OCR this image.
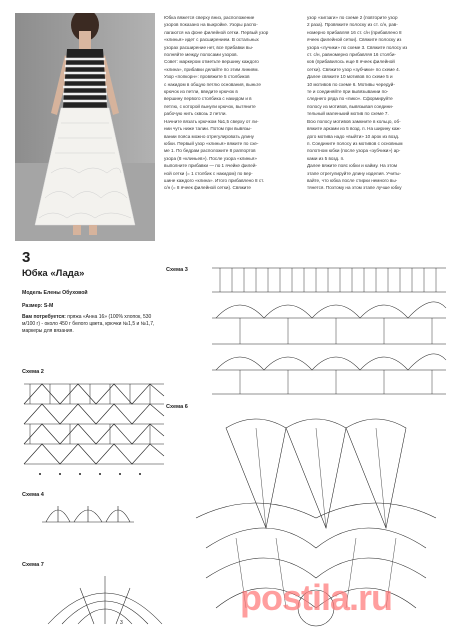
Юбка вяжется сверху вниз, расположение
узоров показано на выкройке. Узоры распо-
лагаются на фоне филейной сетки. Первый узор
«клинья» идет с расширением. В остальных
узорах расширение нет, все прибавки вы-
полняйте между полосами узоров.
Совет: маркером отметьте вершину каждого
«клина», прибавки делайте по этим линиям.
Узор «попкорн»: провяжите 5 столбиков
с накидом в общую петлю основания, выньте
крючок из петли, введите крючок в
вершину первого столбика с накидом и в
петлю, с которой вынули крючок, вытяните
рабочую нить сквозь 2 петли.
Начните вязать крючком №1,5 сверху от ли-
нии чуть ниже талии. Потом при вывязы-
вании пояса можно отрегулировать длину
юбки. Первый узор «клинья» вяжите по схе-
ме 1. По бедрам расположите 8 раппортов
узора (8 «клиньев»). После узора «клинья»
выполните прибавки — по 1 ячейке филей-
ной сетки (= 1 столбик с накидом) по вер-
шине каждого «клина». Итого прибавлено 8 ст.
с/н (= 8 ячеек филейной сетки). Свяжите
узор «зигзаги» по схеме 2 (повторите узор
2 раза). Провяжите полоску из ст. с/н, рав-
номерно прибавляя 16 ст. с/н (прибавлено 8
ячеек филейной сетки). Свяжите полоску из
узора «лучики» по схеме 3. Свяжите полосу из
ст. с/н, равномерно прибавляя 16 столби-
ков (прибавилось еще 8 ячеек филейной
сетки). Свяжите узор «зубчики» по схеме 4.
Далее свяжите 10 мотивов по схеме 5 и
10 мотивов по схеме 6. Мотивы чередуй-
те и соединяйте при вывязывании по-
следнего ряда по «пико». Сформируйте
полосу из мотивов, вывязывая соедини-
тельный маленький мотив по схеме 7.
Всю полосу мотивов замкните в кольцо, об-
вяжите арками из 5 возд. п. На ширину каж-
дого мотива надо «выйти» 10 арок из возд.
п. Соедините полосу из мотивов с основным
полотном юбки (после узора «зубчики») ар-
ками из 5 возд. п.
Далее вяжите пояс юбки и кайму. На этом
этапе отрегулируйте длину изделия. Учиты-
вайте, что юбка после стирки немного вы-
тянется. Поэтому на этом этапе лучше юбку
3
Юбка «Лада»
Модель Елены Обуховой
Размер: S-M
Вам потребуется: пряжа «Анна 16» (100% хлопок, 530 м/100 г) - около 450 г белого цвета, крючки №1,5 и №1,7, маркеры для вязания.
Схема 2
Схема 3
Схема 4
Схема 6
Схема 7
3
postila.ru
